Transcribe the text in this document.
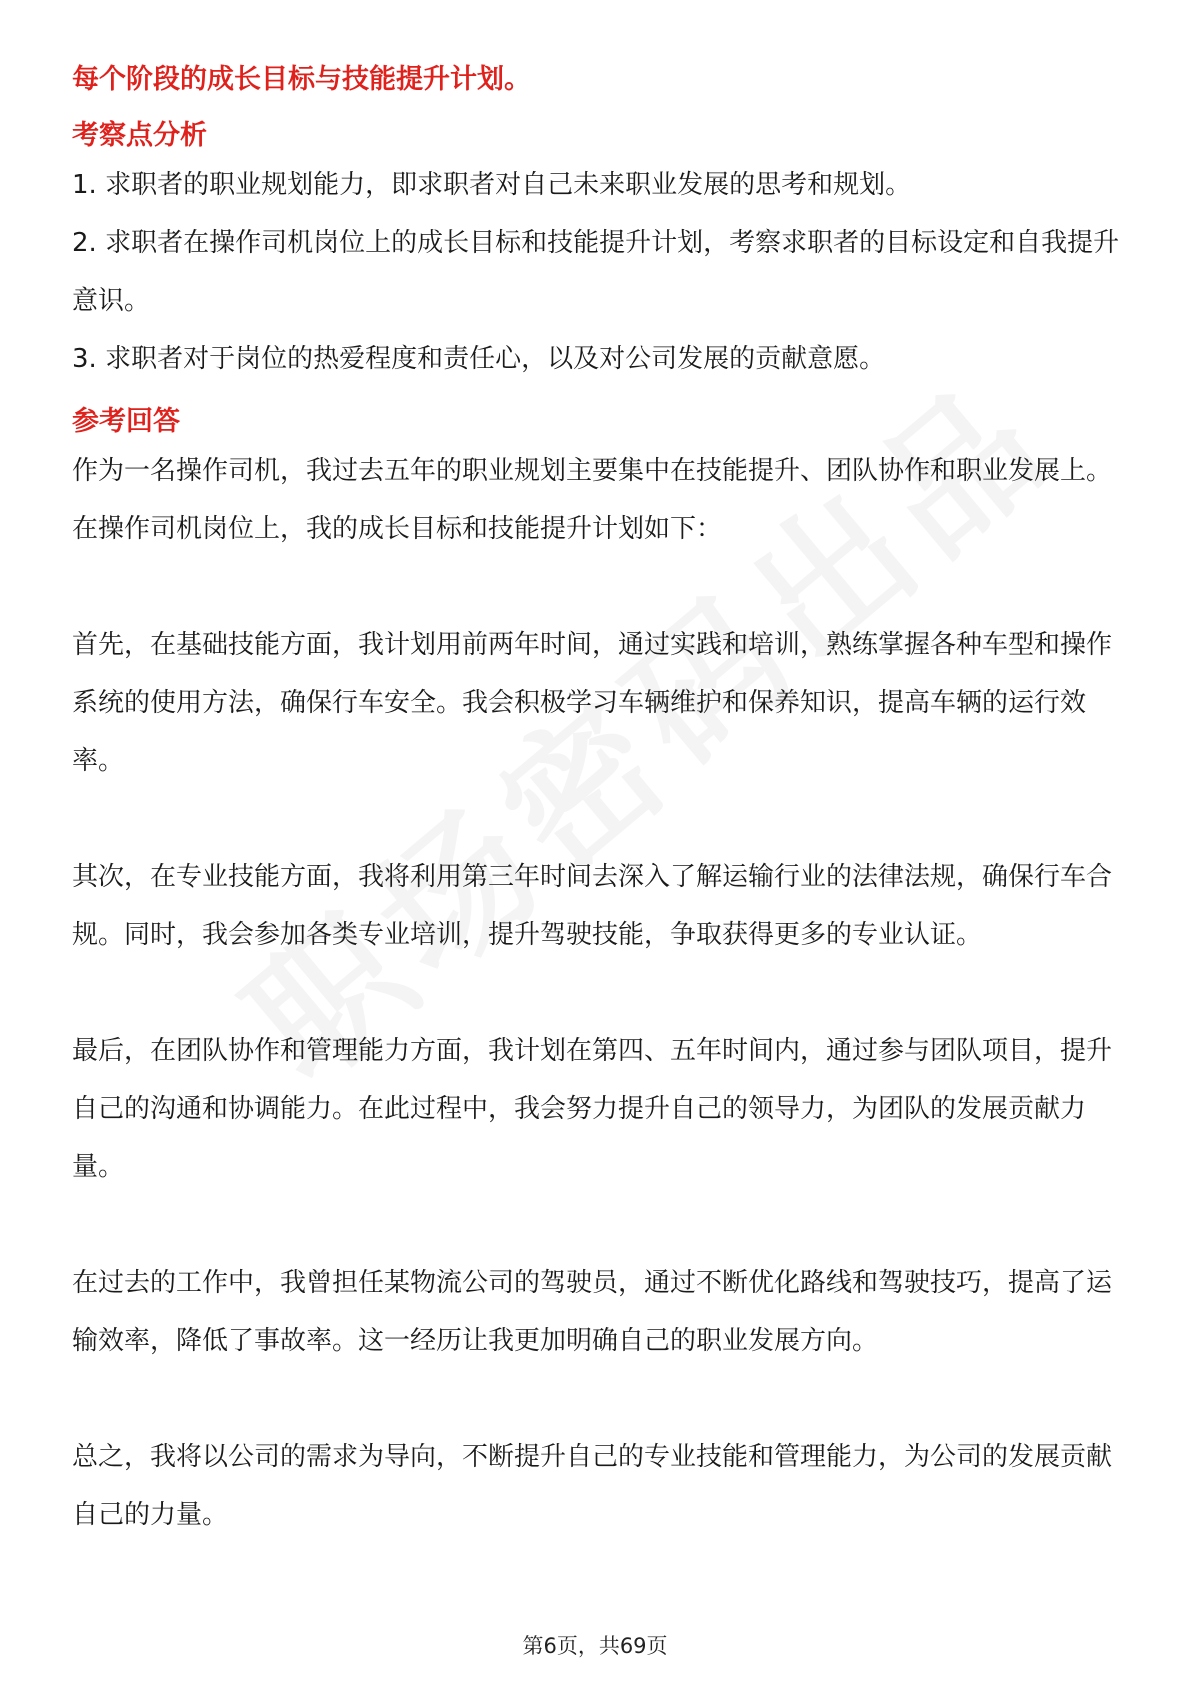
每个阶段的成长目标与技能提升计划。
考察点分析

1. 求职者的职业规划能力，即求职者对自己未来职业发展的思考和规划。

2. 求职者在操作司机岗位上的成长目标和技能提升计划，考察求职者的目标设定和自我提升意识。

3. 求职者对于岗位的热爱程度和责任心，以及对公司发展的贡献意愿。

参考回答

作为一名操作司机，我过去五年的职业规划主要集中在技能提升、团队协作和职业发展上。在操作司机岗位上，我的成长目标和技能提升计划如下：

首先，在基础技能方面，我计划用前两年时间，通过实践和培训，熟练掌握各种车型和操作系统的使用方法，确保行车安全。我会积极学习车辆维护和保养知识，提高车辆的运行效率。

其次，在专业技能方面，我将利用第三年时间去深入了解运输行业的法律法规，确保行车合规。同时，我会参加各类专业培训，提升驾驶技能，争取获得更多的专业认证。

最后，在团队协作和管理能力方面，我计划在第四、五年时间内，通过参与团队项目，提升自己的沟通和协调能力。在此过程中，我会努力提升自己的领导力，为团队的发展贡献力量。

在过去的工作中，我曾担任某物流公司的驾驶员，通过不断优化路线和驾驶技巧，提高了运输效率，降低了事故率。这一经历让我更加明确自己的职业发展方向。

总之，我将以公司的需求为导向，不断提升自己的专业技能和管理能力，为公司的发展贡献自己的力量。

第6页，共69页
